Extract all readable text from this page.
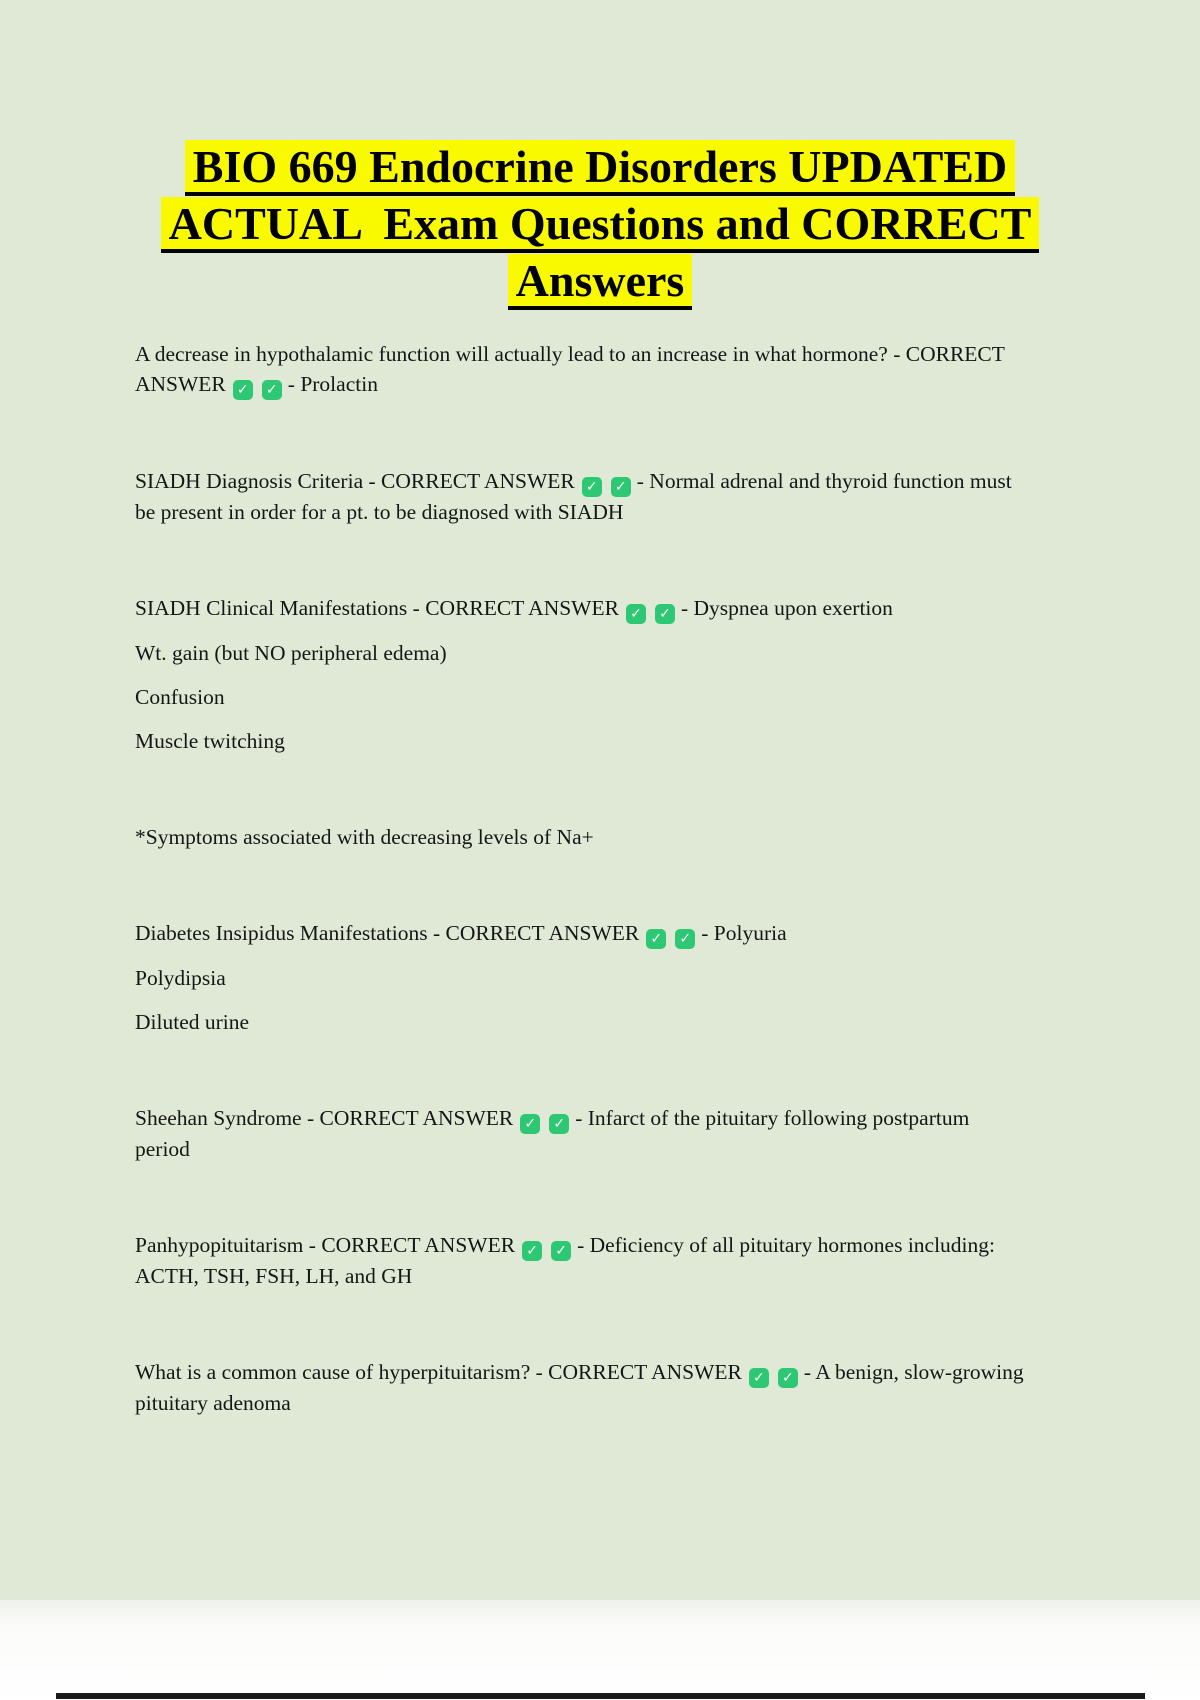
BIO 669 Endocrine Disorders UPDATED
ACTUAL  Exam Questions and CORRECT
Answers

A decrease in hypothalamic function will actually lead to an increase in what hormone? - CORRECT ANSWER ✓ ✓ - Prolactin

SIADH Diagnosis Criteria - CORRECT ANSWER ✓ ✓ - Normal adrenal and thyroid function must be present in order for a pt. to be diagnosed with SIADH

SIADH Clinical Manifestations - CORRECT ANSWER ✓ ✓ - Dyspnea upon exertion

Wt. gain (but NO peripheral edema)

Confusion

Muscle twitching

*Symptoms associated with decreasing levels of Na+

Diabetes Insipidus Manifestations - CORRECT ANSWER ✓ ✓ - Polyuria

Polydipsia

Diluted urine

Sheehan Syndrome - CORRECT ANSWER ✓ ✓ - Infarct of the pituitary following postpartum period

Panhypopituitarism - CORRECT ANSWER ✓ ✓ - Deficiency of all pituitary hormones including: ACTH, TSH, FSH, LH, and GH

What is a common cause of hyperpituitarism? - CORRECT ANSWER ✓ ✓ - A benign, slow-growing pituitary adenoma
